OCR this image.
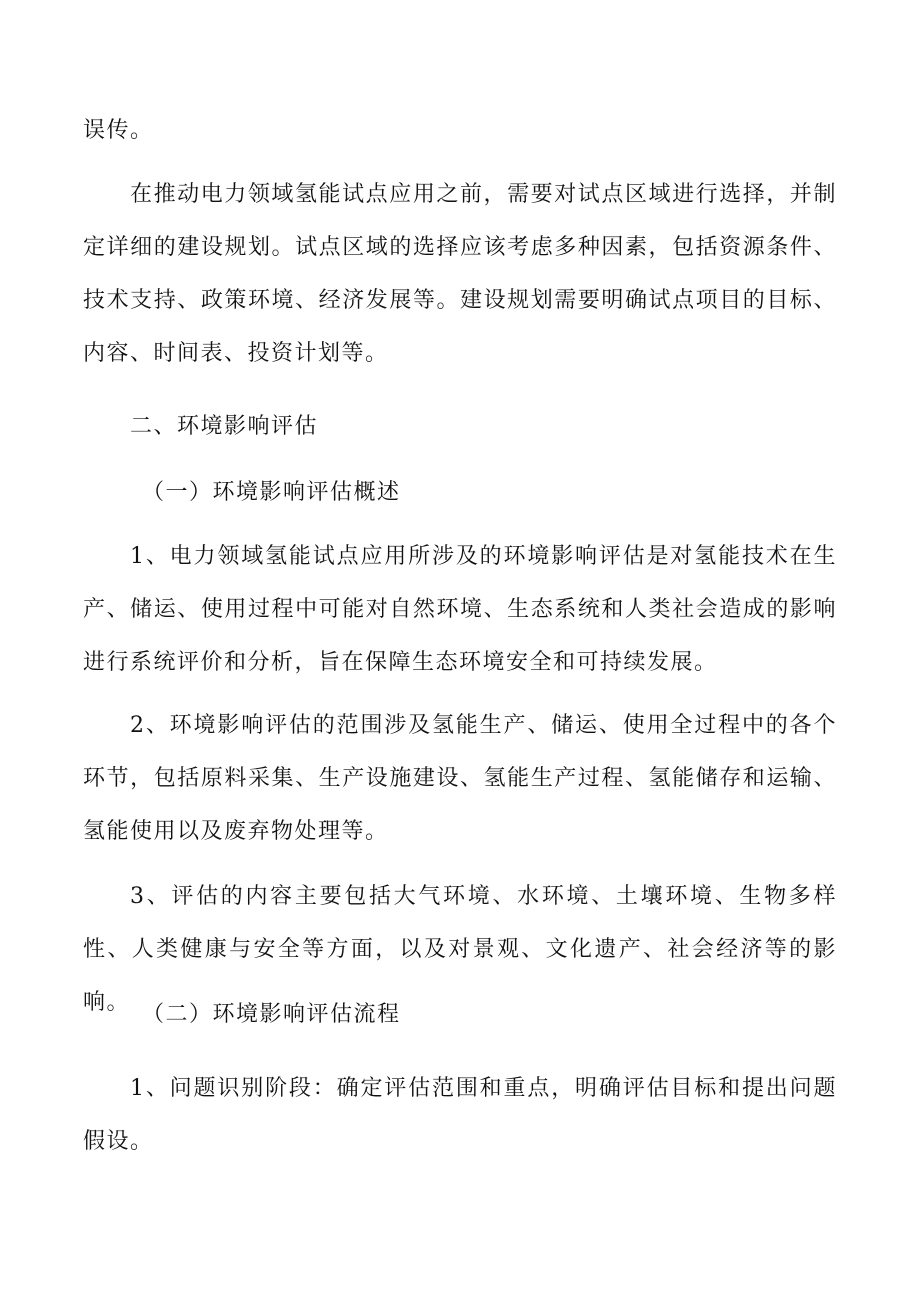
误传。

在推动电力领域氢能试点应用之前，需要对试点区域进行选择，并制定详细的建设规划。试点区域的选择应该考虑多种因素，包括资源条件、技术支持、政策环境、经济发展等。建设规划需要明确试点项目的目标、内容、时间表、投资计划等。

二、环境影响评估

（一）环境影响评估概述

1、电力领域氢能试点应用所涉及的环境影响评估是对氢能技术在生产、储运、使用过程中可能对自然环境、生态系统和人类社会造成的影响进行系统评价和分析，旨在保障生态环境安全和可持续发展。

2、环境影响评估的范围涉及氢能生产、储运、使用全过程中的各个环节，包括原料采集、生产设施建设、氢能生产过程、氢能储存和运输、氢能使用以及废弃物处理等。

3、评估的内容主要包括大气环境、水环境、土壤环境、生物多样性、人类健康与安全等方面，以及对景观、文化遗产、社会经济等的影响。 （二）环境影响评估流程

1、问题识别阶段：确定评估范围和重点，明确评估目标和提出问题假设。
